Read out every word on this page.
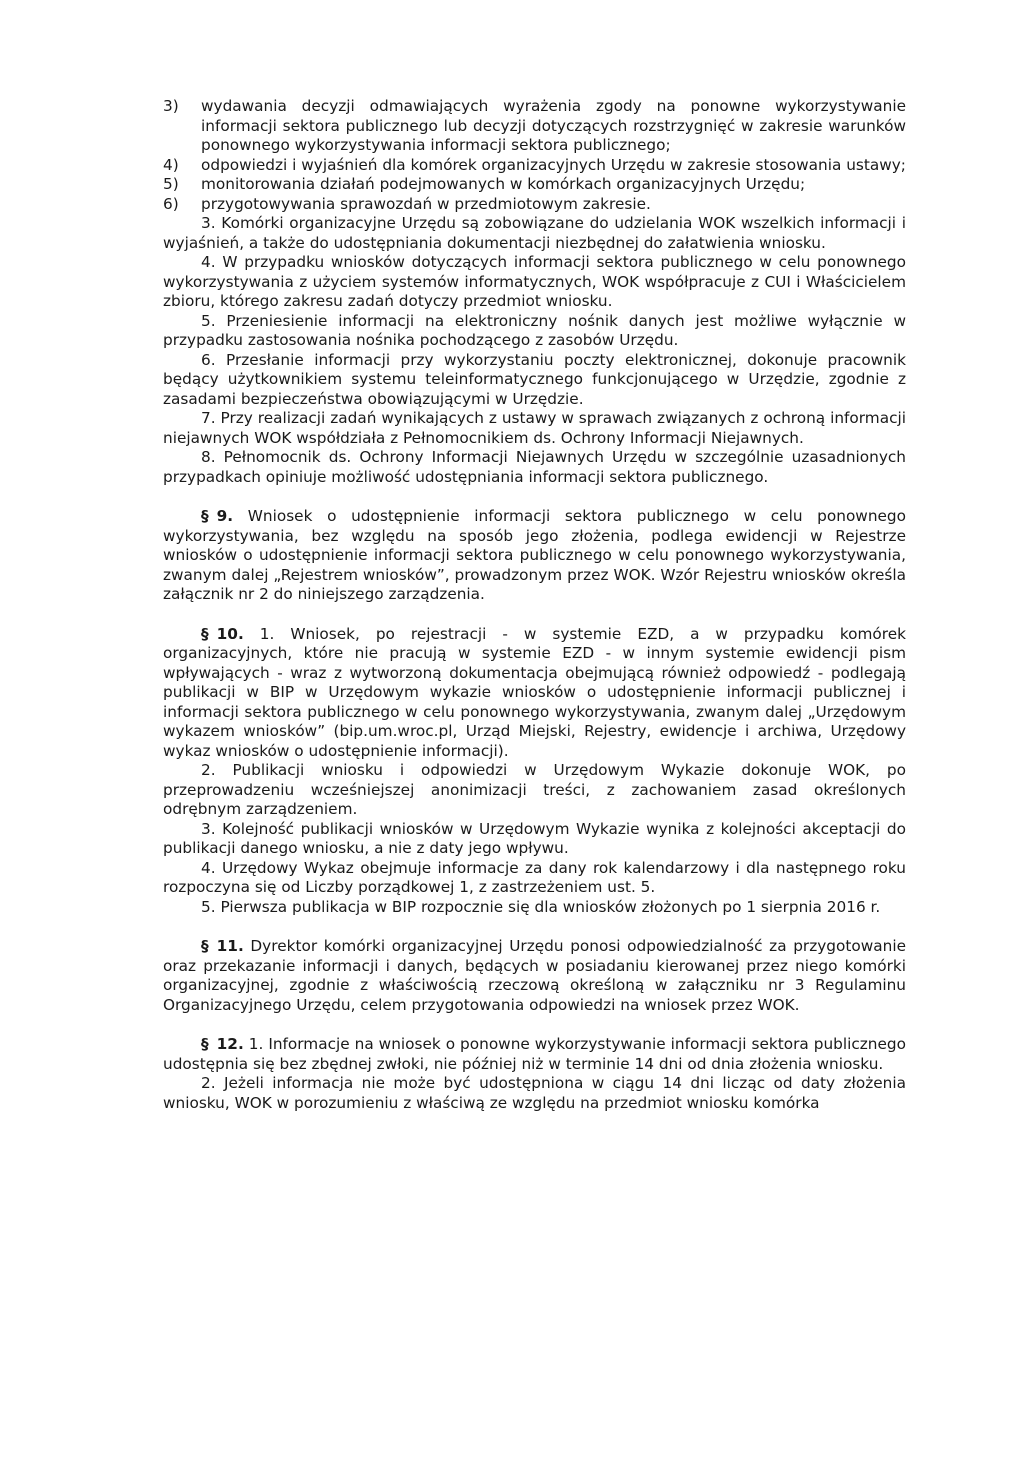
3) wydawania decyzji odmawiających wyrażenia zgody na ponowne wykorzystywanie informacji sektora publicznego lub decyzji dotyczących rozstrzygnięć w zakresie warunków ponownego wykorzystywania informacji sektora publicznego;
4) odpowiedzi i wyjaśnień dla komórek organizacyjnych Urzędu w zakresie stosowania ustawy;
5) monitorowania działań podejmowanych w komórkach organizacyjnych Urzędu;
6) przygotowywania sprawozdań w przedmiotowym zakresie.

3. Komórki organizacyjne Urzędu są zobowiązane do udzielania WOK wszelkich informacji i wyjaśnień, a także do udostępniania dokumentacji niezbędnej do załatwienia wniosku.

4. W przypadku wniosków dotyczących informacji sektora publicznego w celu ponownego wykorzystywania z użyciem systemów informatycznych, WOK współpracuje z CUI i Właścicielem zbioru, którego zakresu zadań dotyczy przedmiot wniosku.

5. Przeniesienie informacji na elektroniczny nośnik danych jest możliwe wyłącznie w przypadku zastosowania nośnika pochodzącego z zasobów Urzędu.

6. Przesłanie informacji przy wykorzystaniu poczty elektronicznej, dokonuje pracownik będący użytkownikiem systemu teleinformatycznego funkcjonującego w Urzędzie, zgodnie z zasadami bezpieczeństwa obowiązującymi w Urzędzie.

7. Przy realizacji zadań wynikających z ustawy w sprawach związanych z ochroną informacji niejawnych WOK współdziała z Pełnomocnikiem ds. Ochrony Informacji Niejawnych.

8. Pełnomocnik ds. Ochrony Informacji Niejawnych Urzędu w szczególnie uzasadnionych przypadkach opiniuje możliwość udostępniania informacji sektora publicznego.

§ 9. Wniosek o udostępnienie informacji sektora publicznego w celu ponownego wykorzystywania, bez względu na sposób jego złożenia, podlega ewidencji w Rejestrze wniosków o udostępnienie informacji sektora publicznego w celu ponownego wykorzystywania, zwanym dalej „Rejestrem wniosków”, prowadzonym przez WOK. Wzór Rejestru wniosków określa załącznik nr 2 do niniejszego zarządzenia.

§ 10. 1. Wniosek, po rejestracji - w systemie EZD, a w przypadku komórek organizacyjnych, które nie pracują w systemie EZD - w innym systemie ewidencji pism wpływających - wraz z wytworzoną dokumentacja obejmującą również odpowiedź - podlegają publikacji w BIP w Urzędowym wykazie wniosków o udostępnienie informacji publicznej i informacji sektora publicznego w celu ponownego wykorzystywania, zwanym dalej „Urzędowym wykazem wniosków” (bip.um.wroc.pl, Urząd Miejski, Rejestry, ewidencje i archiwa, Urzędowy wykaz wniosków o udostępnienie informacji).

2. Publikacji wniosku i odpowiedzi w Urzędowym Wykazie dokonuje WOK, po przeprowadzeniu wcześniejszej anonimizacji treści, z zachowaniem zasad określonych odrębnym zarządzeniem.

3. Kolejność publikacji wniosków w Urzędowym Wykazie wynika z kolejności akceptacji do publikacji danego wniosku, a nie z daty jego wpływu.

4. Urzędowy Wykaz obejmuje informacje za dany rok kalendarzowy i dla następnego roku rozpoczyna się od Liczby porządkowej 1, z zastrzeżeniem ust. 5.

5. Pierwsza publikacja w BIP rozpocznie się dla wniosków złożonych po 1 sierpnia 2016 r.

§ 11. Dyrektor komórki organizacyjnej Urzędu ponosi odpowiedzialność za przygotowanie oraz przekazanie informacji i danych, będących w posiadaniu kierowanej przez niego komórki organizacyjnej, zgodnie z właściwością rzeczową określoną w załączniku nr 3 Regulaminu Organizacyjnego Urzędu, celem przygotowania odpowiedzi na wniosek przez WOK.

§ 12. 1. Informacje na wniosek o ponowne wykorzystywanie informacji sektora publicznego udostępnia się bez zbędnej zwłoki, nie później niż w terminie 14 dni od dnia złożenia wniosku.

2. Jeżeli informacja nie może być udostępniona w ciągu 14 dni licząc od daty złożenia wniosku, WOK w porozumieniu z właściwą ze względu na przedmiot wniosku komórka
